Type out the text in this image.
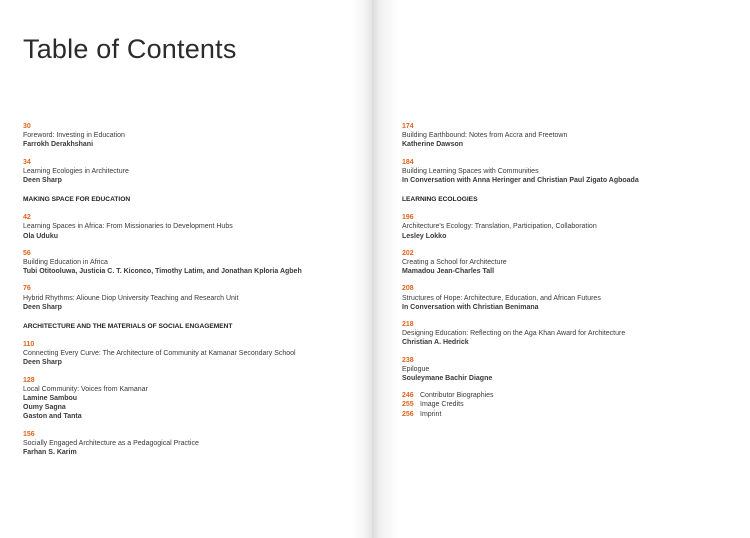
Table of Contents
30
Foreword: Investing in Education
Farrokh Derakhshani
34
Learning Ecologies in Architecture
Deen Sharp
MAKING SPACE FOR EDUCATION
42
Learning Spaces in Africa: From Missionaries to Development Hubs
Ola Uduku
56
Building Education in Africa
Tubi Otitooluwa, Justicia C. T. Kiconco, Timothy Latim, and Jonathan Kploria Agbeh
76
Hybrid Rhythms: Alioune Diop University Teaching and Research Unit
Deen Sharp
ARCHITECTURE AND THE MATERIALS OF SOCIAL ENGAGEMENT
110
Connecting Every Curve: The Architecture of Community at Kamanar Secondary School
Deen Sharp
128
Local Community: Voices from Kamanar
Lamine Sambou
Oumy Sagna
Gaston and Tanta
156
Socially Engaged Architecture as a Pedagogical Practice
Farhan S. Karim
174
Building Earthbound: Notes from Accra and Freetown
Katherine Dawson
184
Building Learning Spaces with Communities
In Conversation with Anna Heringer and Christian Paul Zigato Agboada
LEARNING ECOLOGIES
196
Architecture's Ecology: Translation, Participation, Collaboration
Lesley Lokko
202
Creating a School for Architecture
Mamadou Jean-Charles Tall
208
Structures of Hope: Architecture, Education, and African Futures
In Conversation with Christian Benimana
218
Designing Education: Reflecting on the Aga Khan Award for Architecture
Christian A. Hedrick
238
Epilogue
Souleymane Bachir Diagne
246 Contributor Biographies
255 Image Credits
256 Imprint
